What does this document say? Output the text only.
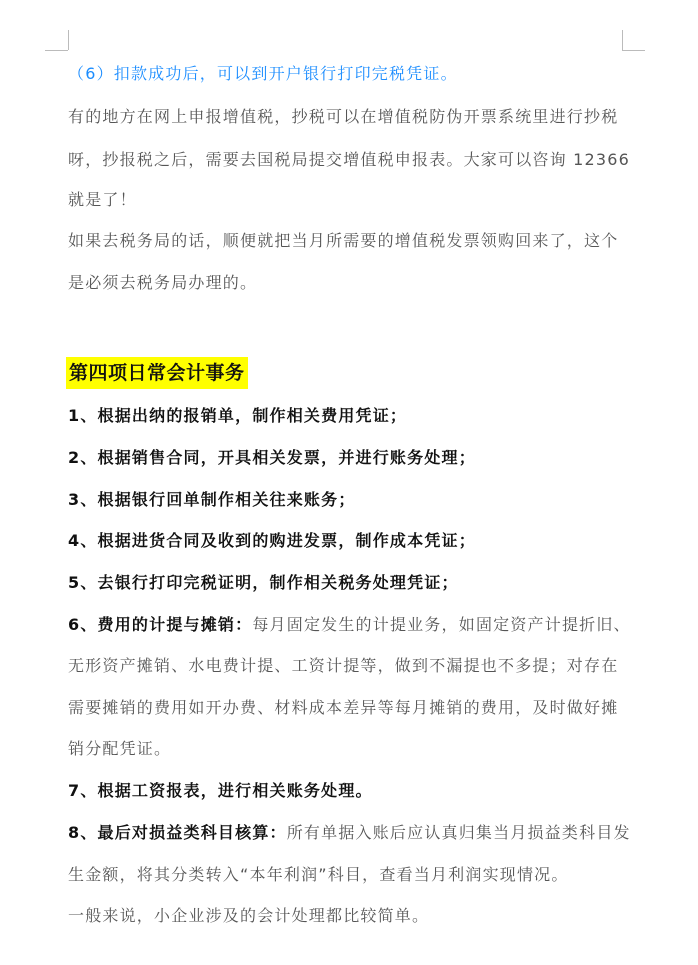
（6）扣款成功后，可以到开户银行打印完税凭证。
有的地方在网上申报增值税，抄税可以在增值税防伪开票系统里进行抄税
呀，抄报税之后，需要去国税局提交增值税申报表。大家可以咨询 12366
就是了！
如果去税务局的话，顺便就把当月所需要的增值税发票领购回来了，这个
是必须去税务局办理的。
第四项日常会计事务
1、根据出纳的报销单，制作相关费用凭证；
2、根据销售合同，开具相关发票，并进行账务处理；
3、根据银行回单制作相关往来账务；
4、根据进货合同及收到的购进发票，制作成本凭证；
5、去银行打印完税证明，制作相关税务处理凭证；
6、费用的计提与摊销：每月固定发生的计提业务，如固定资产计提折旧、
无形资产摊销、水电费计提、工资计提等，做到不漏提也不多提；对存在
需要摊销的费用如开办费、材料成本差异等每月摊销的费用，及时做好摊
销分配凭证。
7、根据工资报表，进行相关账务处理。
8、最后对损益类科目核算：所有单据入账后应认真归集当月损益类科目发
生金额，将其分类转入“本年利润”科目，查看当月利润实现情况。
一般来说，小企业涉及的会计处理都比较简单。
